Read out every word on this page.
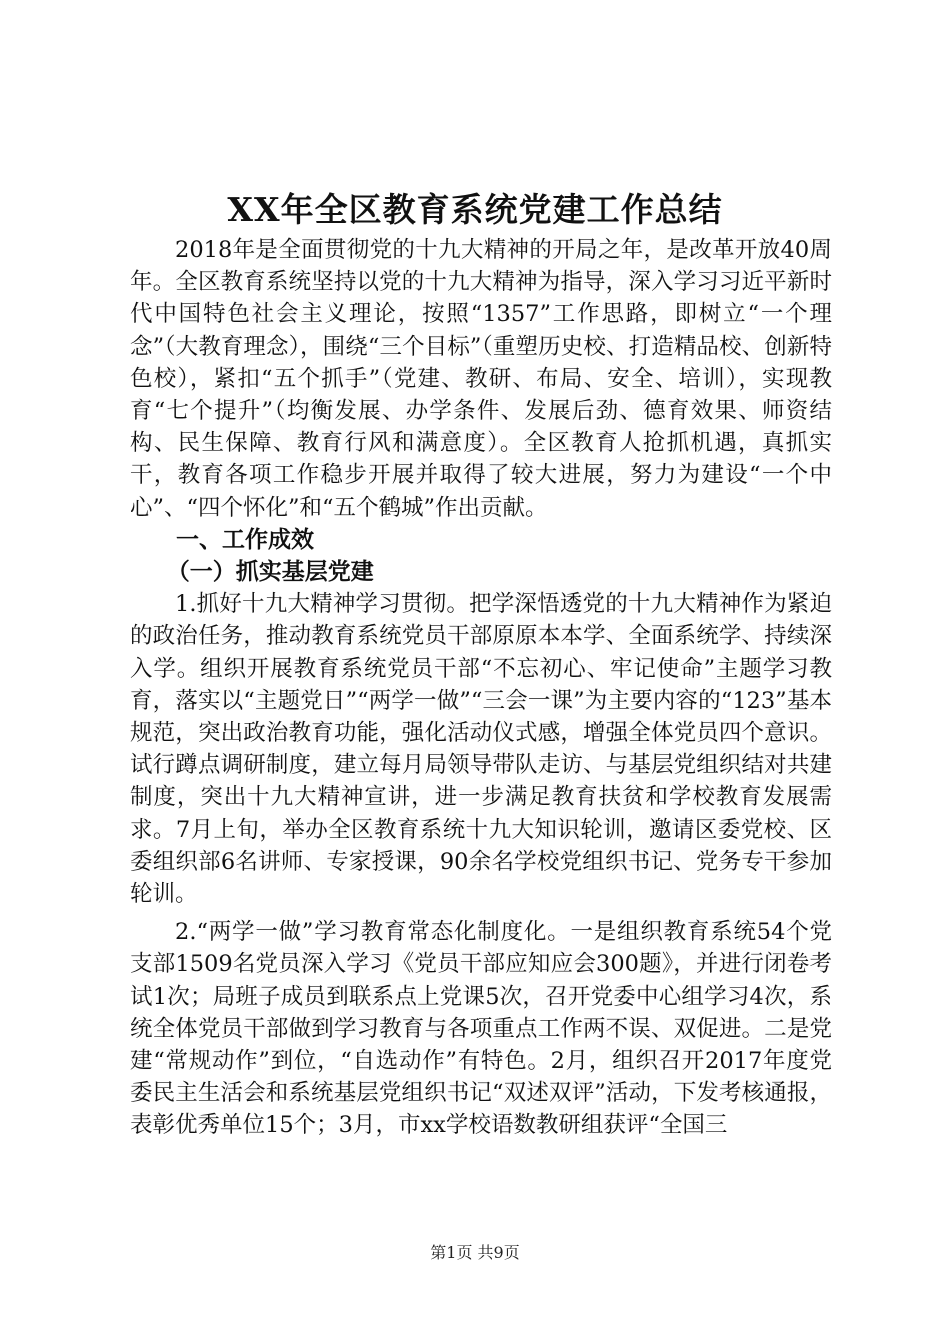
XX年全区教育系统党建工作总结

2018年是全面贯彻党的十九大精神的开局之年，是改革开放40周年。全区教育系统坚持以党的十九大精神为指导，深入学习习近平新时代中国特色社会主义理论，按照“1357”工作思路，即树立“一个理念”（大教育理念），围绕“三个目标”（重塑历史校、打造精品校、创新特色校），紧扣“五个抓手”（党建、教研、布局、安全、培训），实现教育“七个提升”（均衡发展、办学条件、发展后劲、德育效果、师资结构、民生保障、教育行风和满意度）。全区教育人抢抓机遇，真抓实干，教育各项工作稳步开展并取得了较大进展，努力为建设“一个中心”、“四个怀化”和“五个鹤城”作出贡献。

一、工作成效

（一）抓实基层党建

1.抓好十九大精神学习贯彻。把学深悟透党的十九大精神作为紧迫的政治任务，推动教育系统党员干部原原本本学、全面系统学、持续深入学。组织开展教育系统党员干部“不忘初心、牢记使命”主题学习教育，落实以“主题党日”“两学一做”“三会一课”为主要内容的“123”基本规范，突出政治教育功能，强化活动仪式感，增强全体党员四个意识。试行蹲点调研制度，建立每月局领导带队走访、与基层党组织结对共建制度，突出十九大精神宣讲，进一步满足教育扶贫和学校教育发展需求。7月上旬，举办全区教育系统十九大知识轮训，邀请区委党校、区委组织部6名讲师、专家授课，90余名学校党组织书记、党务专干参加轮训。

2.“两学一做”学习教育常态化制度化。一是组织教育系统54个党支部1509名党员深入学习《党员干部应知应会300题》，并进行闭卷考试1次；局班子成员到联系点上党课5次，召开党委中心组学习4次，系统全体党员干部做到学习教育与各项重点工作两不误、双促进。二是党建“常规动作”到位，“自选动作”有特色。2月，组织召开2017年度党委民主生活会和系统基层党组织书记“双述双评”活动，下发考核通报，表彰优秀单位15个；3月，市xx学校语数教研组获评“全国三

第1页 共9页
